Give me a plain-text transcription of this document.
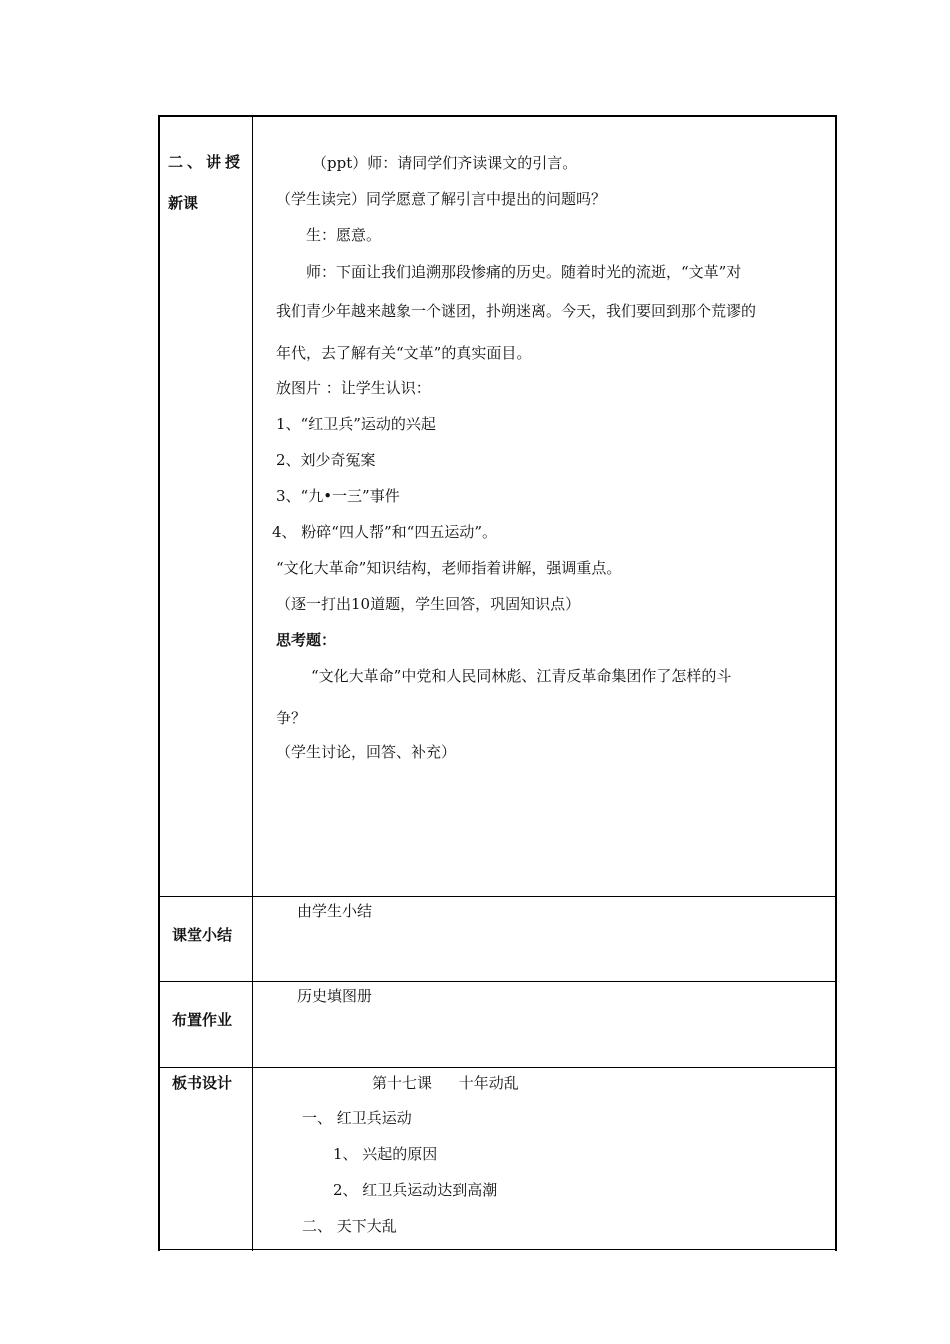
二、讲授
新课
（ppt）师：请同学们齐读课文的引言。
（学生读完）同学愿意了解引言中提出的问题吗？
生：愿意。
师：下面让我们追溯那段惨痛的历史。随着时光的流逝，“文革”对
我们青少年越来越象一个谜团，扑朔迷离。今天，我们要回到那个荒谬的
年代，去了解有关“文革”的真实面目。
放图片 ：让学生认识：
1、“红卫兵”运动的兴起
2、刘少奇冤案
3、“九•一三”事件
4、 粉碎“四人帮”和“四五运动”。
“文化大革命”知识结构，老师指着讲解，强调重点。
（逐一打出10道题，学生回答，巩固知识点）
思考题：
“文化大革命”中党和人民同林彪、江青反革命集团作了怎样的斗
争？
（学生讨论，回答、补充）
课堂小结
由学生小结
布置作业
历史填图册
板书设计	第十七课 十年动乱
一、 红卫兵运动
1、 兴起的原因
2、 红卫兵运动达到高潮
二、 天下大乱
